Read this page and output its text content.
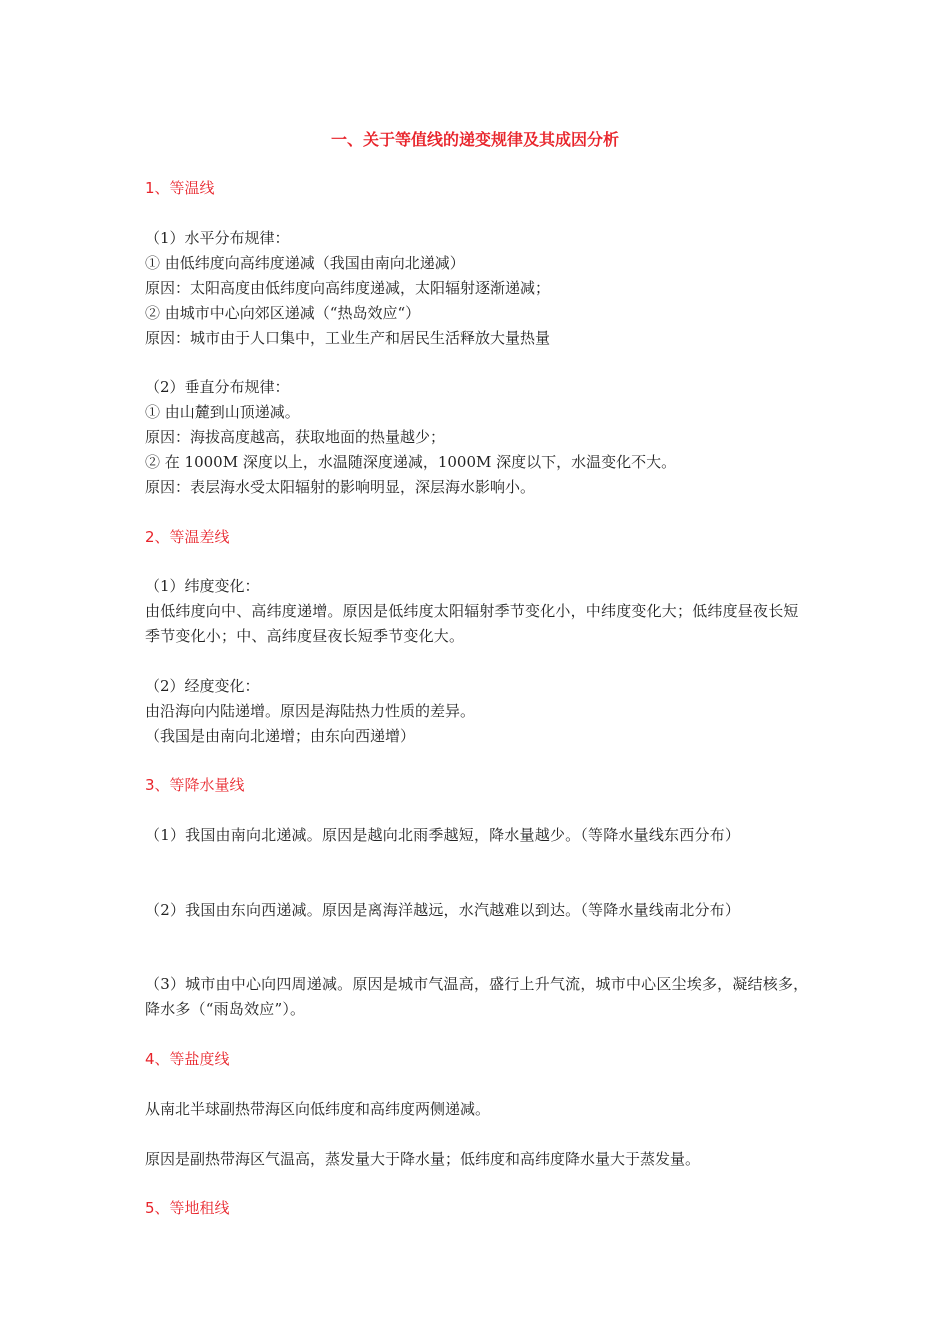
一、关于等值线的递变规律及其成因分析
1、等温线
（1）水平分布规律：
① 由低纬度向高纬度递减（我国由南向北递减）
原因：太阳高度由低纬度向高纬度递减，太阳辐射逐渐递减；
② 由城市中心向郊区递减（“热岛效应“）
原因：城市由于人口集中，工业生产和居民生活释放大量热量
（2）垂直分布规律：
① 由山麓到山顶递减。
原因：海拔高度越高，获取地面的热量越少；
② 在 1000M 深度以上，水温随深度递减，1000M 深度以下，水温变化不大。
原因：表层海水受太阳辐射的影响明显，深层海水影响小。
2、等温差线
（1）纬度变化：
由低纬度向中、高纬度递增。原因是低纬度太阳辐射季节变化小，中纬度变化大；低纬度昼夜长短季节变化小；中、高纬度昼夜长短季节变化大。
（2）经度变化：
由沿海向内陆递增。原因是海陆热力性质的差异。
（我国是由南向北递增；由东向西递增）
3、等降水量线
（1）我国由南向北递减。原因是越向北雨季越短，降水量越少。（等降水量线东西分布）
（2）我国由东向西递减。原因是离海洋越远，水汽越难以到达。（等降水量线南北分布）
（3）城市由中心向四周递减。原因是城市气温高，盛行上升气流，城市中心区尘埃多，凝结核多，降水多（“雨岛效应”）。
4、等盐度线
从南北半球副热带海区向低纬度和高纬度两侧递减。
原因是副热带海区气温高，蒸发量大于降水量；低纬度和高纬度降水量大于蒸发量。
5、等地租线
